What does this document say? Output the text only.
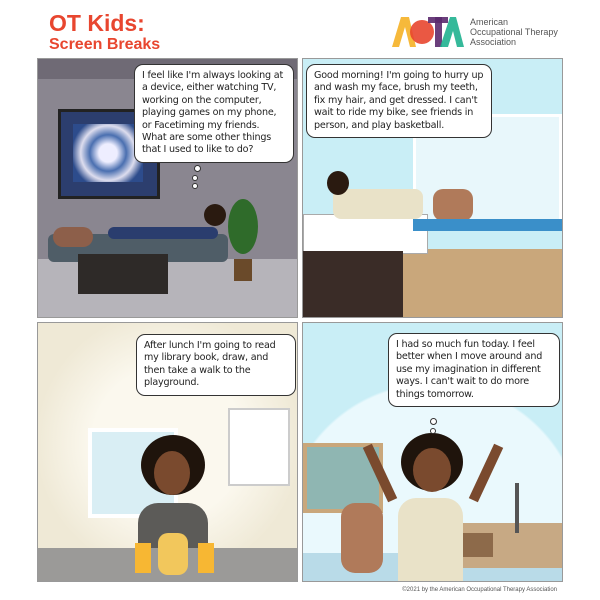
OT Kids:
Screen Breaks
American
Occupational Therapy
Association
I feel like I'm always looking at a device, either watching TV, working on the computer, playing games on my phone, or Facetiming my friends. What are some other things that I used to like to do?
Good morning! I'm going to hurry up and wash my face, brush my teeth, fix my hair, and get dressed. I can't wait to ride my bike, see friends in person, and play basketball.
After lunch I'm going to read my library book, draw, and then take a walk to the playground.
I had so much fun today. I feel better when I move around and use my imagination in different ways. I can't wait to do more things tomorrow.
©2021 by the American Occupational Therapy Association
